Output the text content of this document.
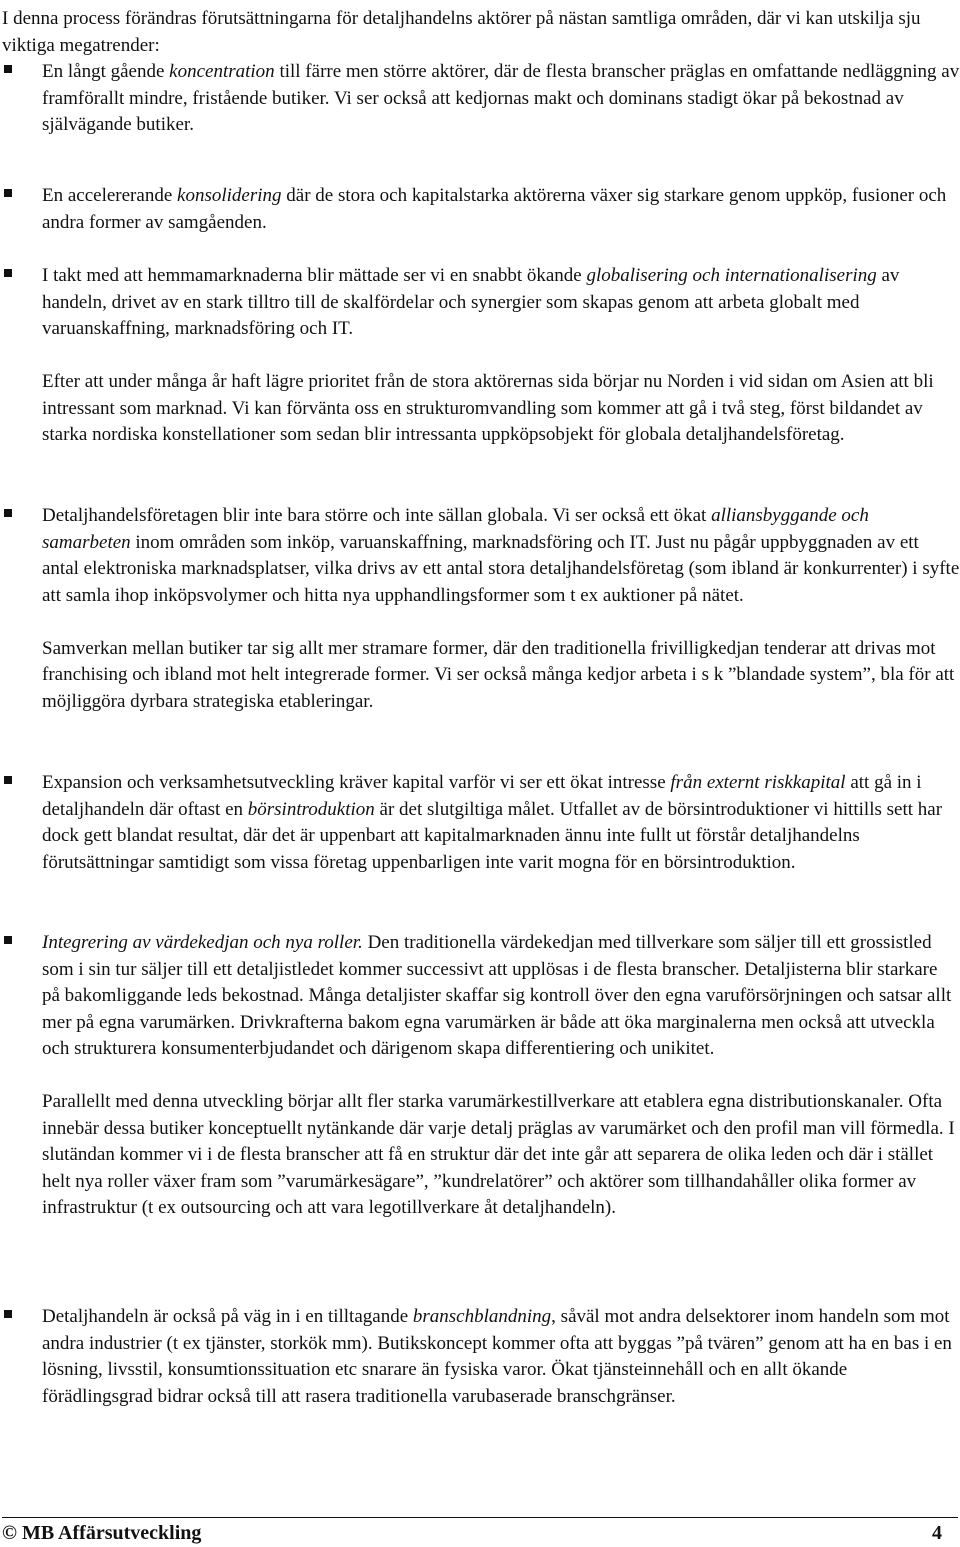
I denna process förändras förutsättningarna för detaljhandelns aktörer på nästan samtliga områden, där vi kan utskilja sju viktiga megatrender:

En långt gående koncentration till färre men större aktörer, där de flesta branscher präglas en omfattande nedläggning av framförallt mindre, fristående butiker. Vi ser också att kedjornas makt och dominans stadigt ökar på bekostnad av självägande butiker.

En accelererande konsolidering där de stora och kapitalstarka aktörerna växer sig starkare genom uppköp, fusioner och andra former av samgåenden.

I takt med att hemmamarknaderna blir mättade ser vi en snabbt ökande globalisering och internationalisering av handeln, drivet av en stark tilltro till de skalfördelar och synergier som skapas genom att arbeta globalt med varuanskaffning, marknadsföring och IT.

Efter att under många år haft lägre prioritet från de stora aktörernas sida börjar nu Norden i vid sidan om Asien att bli intressant som marknad. Vi kan förvänta oss en strukturomvandling som kommer att gå i två steg, först bildandet av starka nordiska konstellationer som sedan blir intressanta uppköpsobjekt för globala detaljhandelsföretag.

Detaljhandelsföretagen blir inte bara större och inte sällan globala. Vi ser också ett ökat alliansbyggande och samarbeten inom områden som inköp, varuanskaffning, marknadsföring och IT. Just nu pågår uppbyggnaden av ett antal elektroniska marknadsplatser, vilka drivs av ett antal stora detaljhandelsföretag (som ibland är konkurrenter) i syfte att samla ihop inköpsvolymer och hitta nya upphandlingsformer som t ex auktioner på nätet.

Samverkan mellan butiker tar sig allt mer stramare former, där den traditionella frivilligkedjan tenderar att drivas mot franchising och ibland mot helt integrerade former. Vi ser också många kedjor arbeta i s k ”blandade system”, bla för att möjliggöra dyrbara strategiska etableringar.

Expansion och verksamhetsutveckling kräver kapital varför vi ser ett ökat intresse från externt riskkapital att gå in i detaljhandeln där oftast en börsintroduktion är det slutgiltiga målet. Utfallet av de börsintroduktioner vi hittills sett har dock gett blandat resultat, där det är uppenbart att kapitalmarknaden ännu inte fullt ut förstår detaljhandelns förutsättningar samtidigt som vissa företag uppenbarligen inte varit mogna för en börsintroduktion.

Integrering av värdekedjan och nya roller. Den traditionella värdekedjan med tillverkare som säljer till ett grossistled som i sin tur säljer till ett detaljistledet kommer successivt att upplösas i de flesta branscher. Detaljisterna blir starkare på bakomliggande leds bekostnad. Många detaljister skaffar sig kontroll över den egna varuförsörjningen och satsar allt mer på egna varumärken. Drivkrafterna bakom egna varumärken är både att öka marginalerna men också att utveckla och strukturera konsumenterbjudandet och därigenom skapa differentiering och unikitet.

Parallellt med denna utveckling börjar allt fler starka varumärkestillverkare att etablera egna distributionskanaler. Ofta innebär dessa butiker konceptuellt nytänkande där varje detalj präglas av varumärket och den profil man vill förmedla. I slutändan kommer vi i de flesta branscher att få en struktur där det inte går att separera de olika leden och där i stället helt nya roller växer fram som ”varumärkesägare”, ”kundrelatörer” och aktörer som tillhandahåller olika former av infrastruktur (t ex outsourcing och att vara legotillverkare åt detaljhandeln).

Detaljhandeln är också på väg in i en tilltagande branschblandning, såväl mot andra delsektorer inom handeln som mot andra industrier (t ex tjänster, storkök mm). Butikskoncept kommer ofta att byggas ”på tvären” genom att ha en bas i en lösning, livsstil, konsumtionssituation etc snarare än fysiska varor. Ökat tjänsteinnehåll och en allt ökande förädlingsgrad bidrar också till att rasera traditionella varubaserade branschgränser.

© MB Affärsutveckling	4
